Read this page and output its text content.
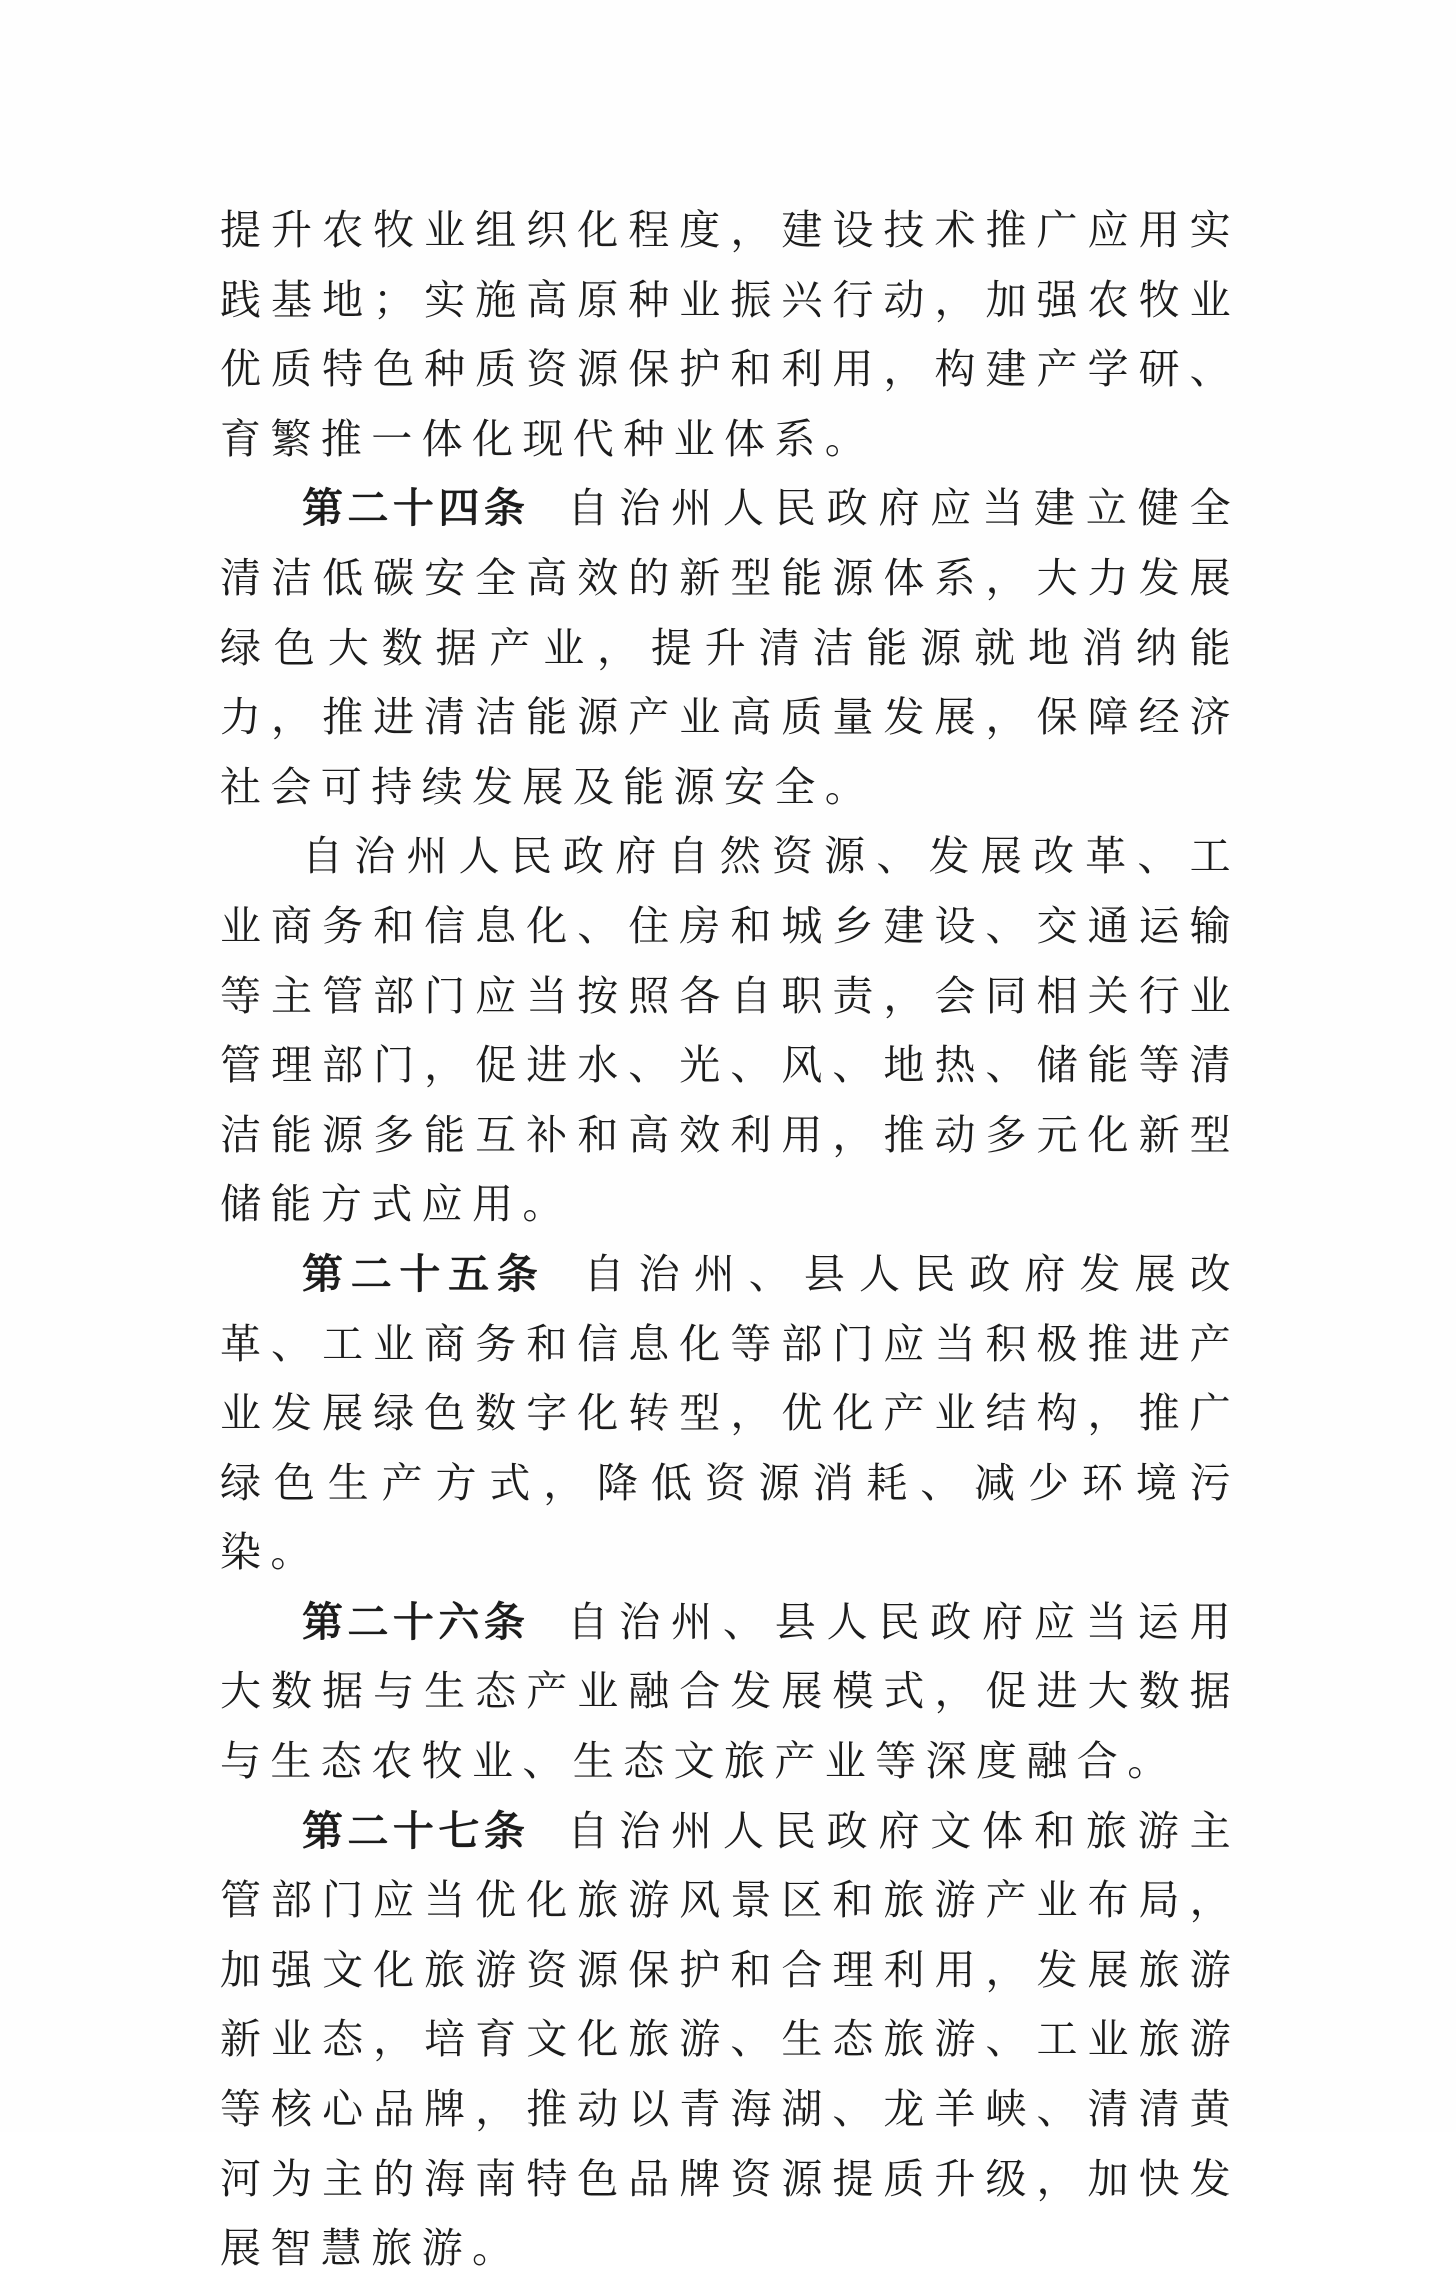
提升农牧业组织化程度，建设技术推广应用实践基地；实施高原种业振兴行动，加强农牧业优质特色种质资源保护和利用，构建产学研、育繁推一体化现代种业体系。

第二十四条 自治州人民政府应当建立健全清洁低碳安全高效的新型能源体系，大力发展绿色大数据产业，提升清洁能源就地消纳能力，推进清洁能源产业高质量发展，保障经济社会可持续发展及能源安全。

自治州人民政府自然资源、发展改革、工业商务和信息化、住房和城乡建设、交通运输等主管部门应当按照各自职责，会同相关行业管理部门，促进水、光、风、地热、储能等清洁能源多能互补和高效利用，推动多元化新型储能方式应用。

第二十五条 自治州、县人民政府发展改革、工业商务和信息化等部门应当积极推进产业发展绿色数字化转型，优化产业结构，推广绿色生产方式，降低资源消耗、减少环境污染。

第二十六条 自治州、县人民政府应当运用大数据与生态产业融合发展模式，促进大数据与生态农牧业、生态文旅产业等深度融合。

第二十七条 自治州人民政府文体和旅游主管部门应当优化旅游风景区和旅游产业布局，加强文化旅游资源保护和合理利用，发展旅游新业态，培育文化旅游、生态旅游、工业旅游等核心品牌，推动以青海湖、龙羊峡、清清黄河为主的海南特色品牌资源提质升级，加快发展智慧旅游。
